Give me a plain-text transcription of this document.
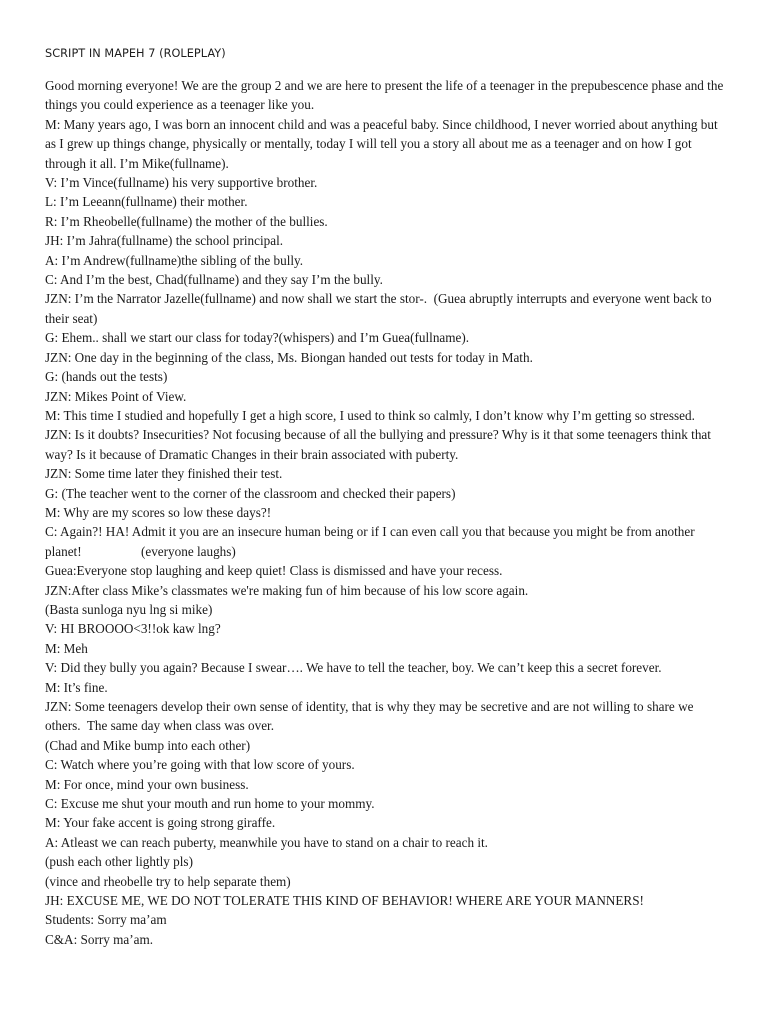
SCRIPT IN MAPEH 7 (ROLEPLAY)

Good morning everyone! We are the group 2 and we are here to present the life of a teenager in the prepubescence phase and the things you could experience as a teenager like you.

M: Many years ago, I was born an innocent child and was a peaceful baby. Since childhood, I never worried about anything but as I grew up things change, physically or mentally, today I will tell you a story all about me as a teenager and on how I got through it all. I’m Mike(fullname).

V: I’m Vince(fullname) his very supportive brother.

L: I’m Leeann(fullname) their mother.

R: I’m Rheobelle(fullname) the mother of the bullies.

JH: I’m Jahra(fullname) the school principal.

A: I’m Andrew(fullname)the sibling of the bully.

C: And I’m the best, Chad(fullname) and they say I’m the bully.

JZN: I’m the Narrator Jazelle(fullname) and now shall we start the stor-.  (Guea abruptly interrupts and everyone went back to their seat)

G: Ehem.. shall we start our class for today?(whispers) and I’m Guea(fullname).

JZN: One day in the beginning of the class, Ms. Biongan handed out tests for today in Math.

G: (hands out the tests)

JZN: Mikes Point of View.

M: This time I studied and hopefully I get a high score, I used to think so calmly, I don’t know why I’m getting so stressed.

JZN: Is it doubts? Insecurities? Not focusing because of all the bullying and pressure? Why is it that some teenagers think that way? Is it because of Dramatic Changes in their brain associated with puberty.

JZN: Some time later they finished their test.

G: (The teacher went to the corner of the classroom and checked their papers)

M: Why are my scores so low these days?!

C: Again?! HA! Admit it you are an insecure human being or if I can even call you that because you might be from another planet!                  (everyone laughs)

Guea:Everyone stop laughing and keep quiet! Class is dismissed and have your recess.

JZN:After class Mike’s classmates we're making fun of him because of his low score again.

(Basta sunloga nyu lng si mike)

V: HI BROOOO<3!!ok kaw lng?

M: Meh

V: Did they bully you again? Because I swear…. We have to tell the teacher, boy. We can’t keep this a secret forever.

M: It’s fine.

JZN: Some teenagers develop their own sense of identity, that is why they may be secretive and are not willing to share we others.  The same day when class was over.

(Chad and Mike bump into each other)

C: Watch where you’re going with that low score of yours.

M: For once, mind your own business.

C: Excuse me shut your mouth and run home to your mommy.

M: Your fake accent is going strong giraffe.

A: Atleast we can reach puberty, meanwhile you have to stand on a chair to reach it.

(push each other lightly pls)

(vince and rheobelle try to help separate them)

JH: EXCUSE ME, WE DO NOT TOLERATE THIS KIND OF BEHAVIOR! WHERE ARE YOUR MANNERS!

Students: Sorry ma’am

C&A: Sorry ma’am.
